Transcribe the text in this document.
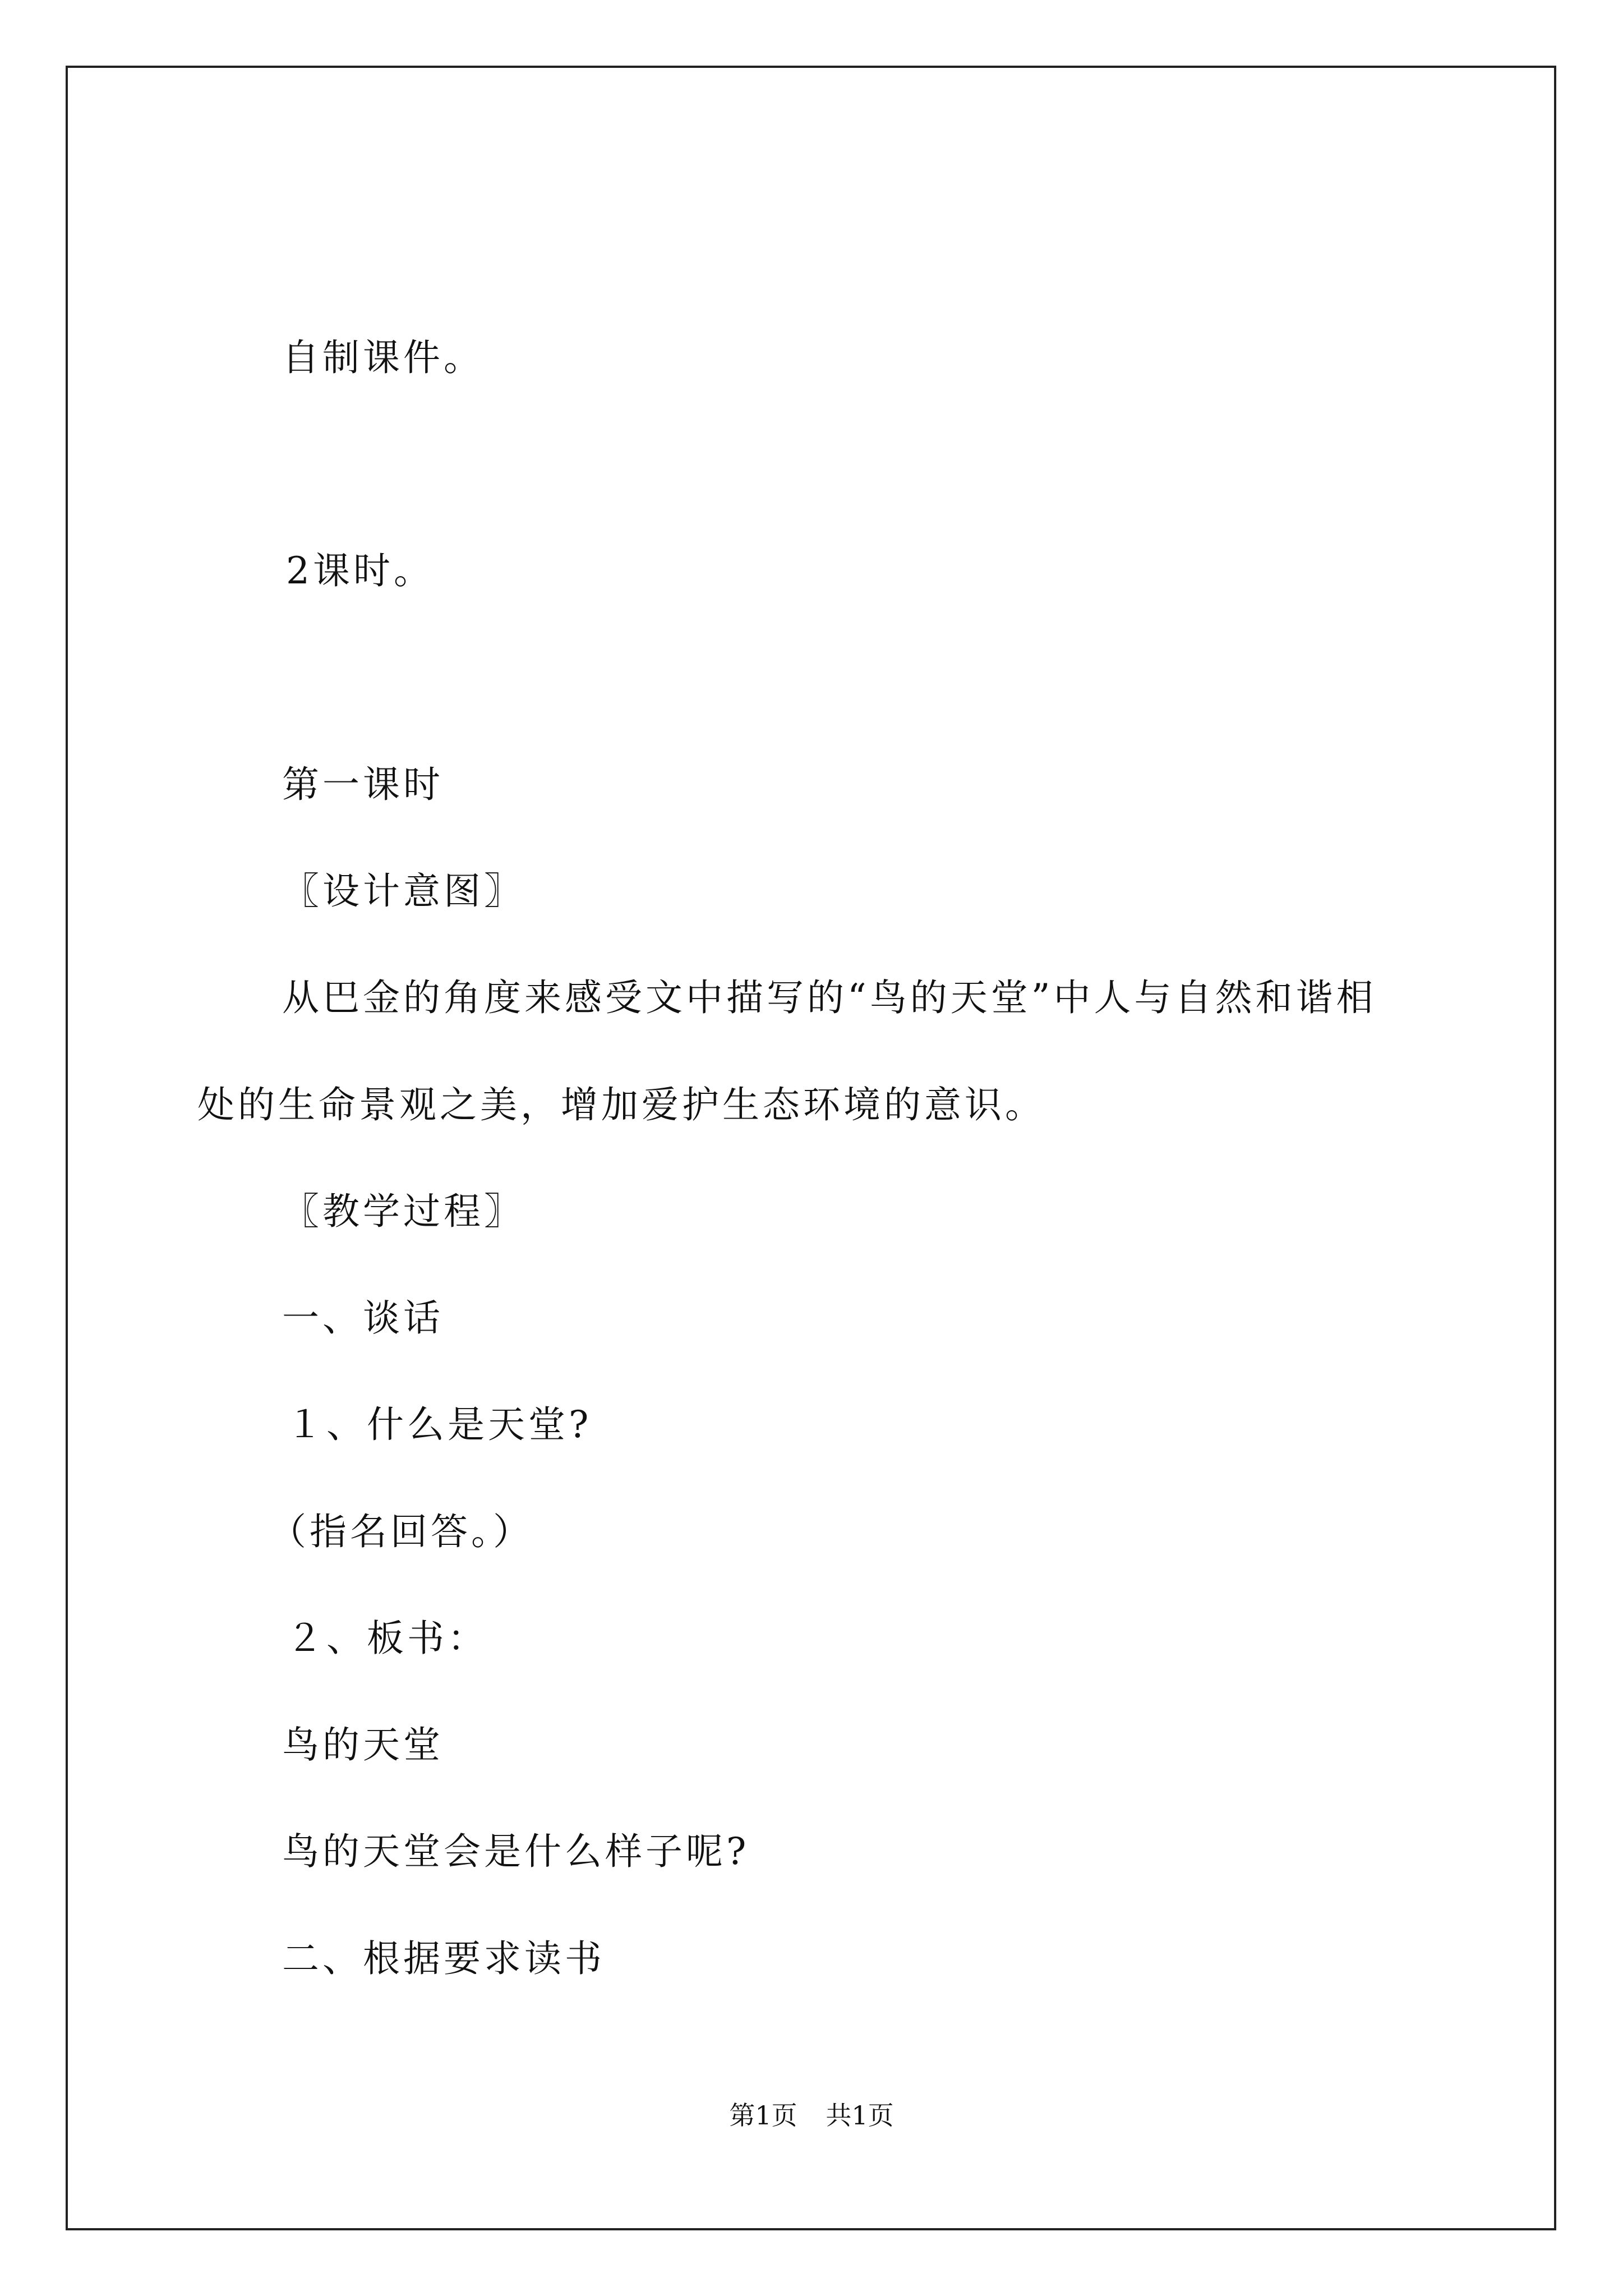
自制课件。
2课时。
第一课时
〖设计意图〗
从巴金的角度来感受文中描写的“鸟的天堂”中人与自然和谐相
处的生命景观之美，增加爱护生态环境的意识。
〖教学过程〗
一、谈话
１、什么是天堂?
（指名回答。）
２、板书：
鸟的天堂
鸟的天堂会是什么样子呢?
二、根据要求读书
第1页 共1页
